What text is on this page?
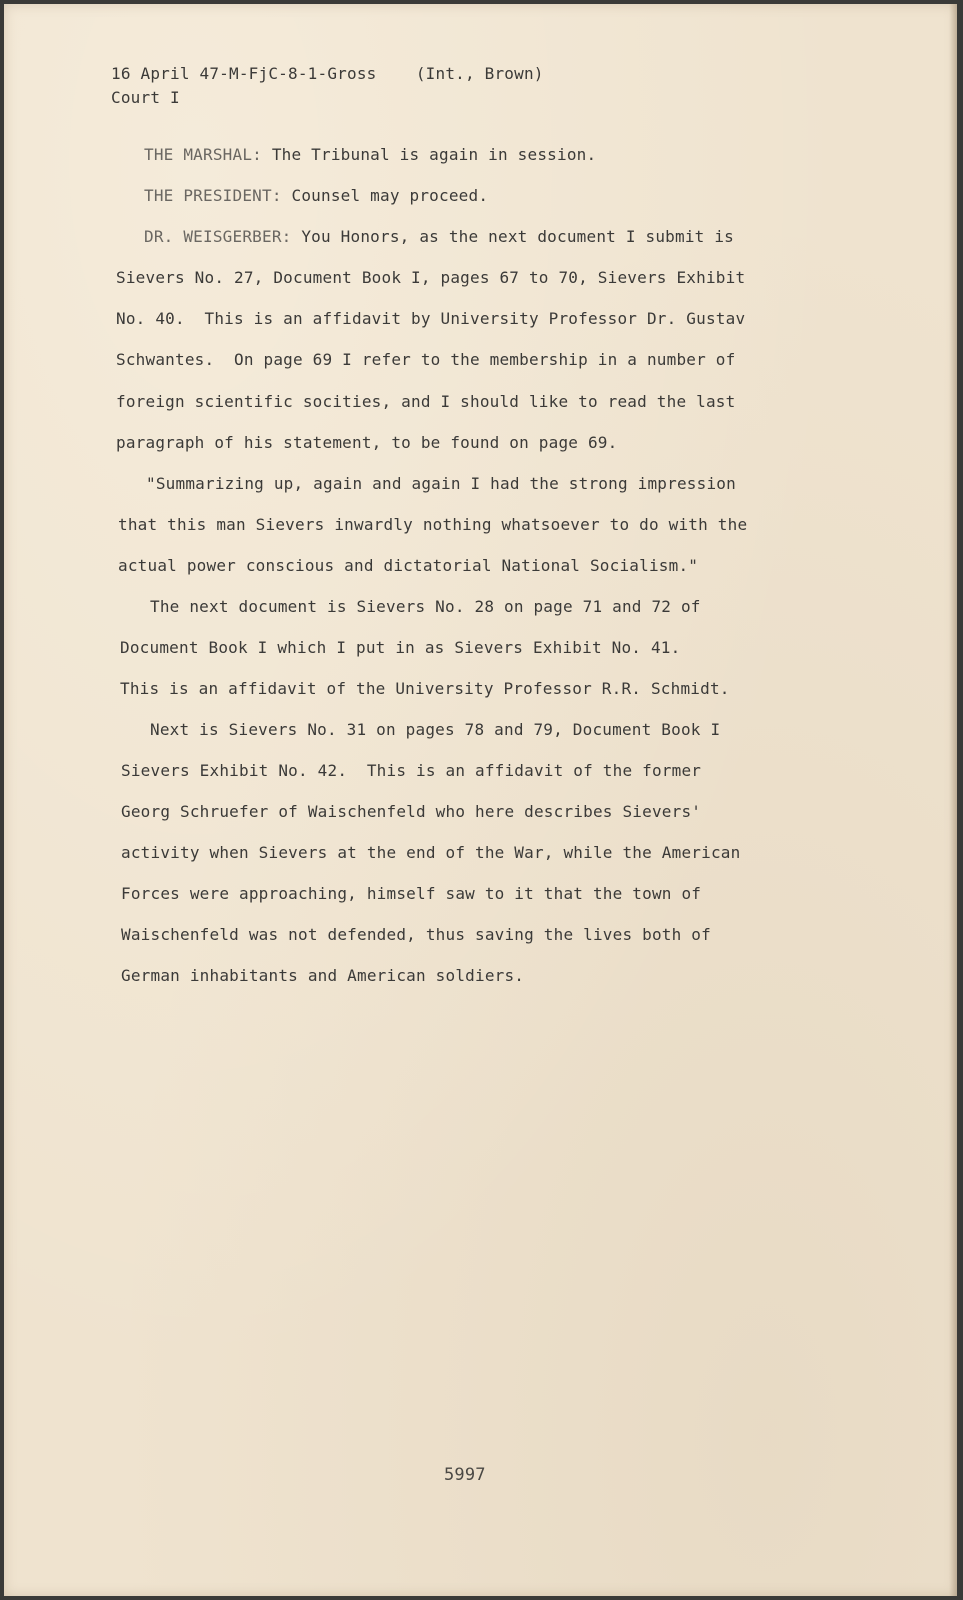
16 April 47-M-FjC-8-1-Gross    (Int., Brown)
Court I
THE MARSHAL: The Tribunal is again in session.
THE PRESIDENT: Counsel may proceed.
DR. WEISGERBER: You Honors, as the next document I submit is
Sievers No. 27, Document Book I, pages 67 to 70, Sievers Exhibit
No. 40.  This is an affidavit by University Professor Dr. Gustav
Schwantes.  On page 69 I refer to the membership in a number of
foreign scientific socities, and I should like to read the last
paragraph of his statement, to be found on page 69.
"Summarizing up, again and again I had the strong impression
that this man Sievers inwardly nothing whatsoever to do with the
actual power conscious and dictatorial National Socialism."
The next document is Sievers No. 28 on page 71 and 72 of
Document Book I which I put in as Sievers Exhibit No. 41.
This is an affidavit of the University Professor R.R. Schmidt.
Next is Sievers No. 31 on pages 78 and 79, Document Book I
Sievers Exhibit No. 42.  This is an affidavit of the former
Georg Schruefer of Waischenfeld who here describes Sievers'
activity when Sievers at the end of the War, while the American
Forces were approaching, himself saw to it that the town of
Waischenfeld was not defended, thus saving the lives both of
German inhabitants and American soldiers.
5997
